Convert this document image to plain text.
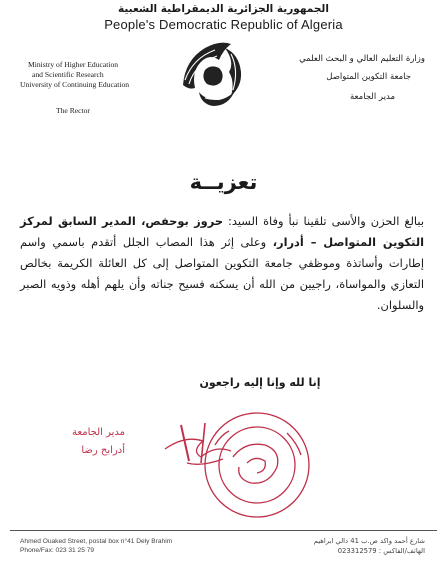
الجمهورية الجزائرية الديمقراطية الشعبية
People's Democratic Republic of Algeria
Ministry of Higher Education
and Scientific Research
University of Continuing Education
The Rector
وزارة التعليم العالي و البحث العلمي
جامعة التكوين المتواصل
مدير الجامعة
تعزيــة
ببالغ الحزن والأسى تلقينا نبأ وفاة السيد: حروز بوحفص، المدير السابق لمركز التكوين المتواصل – أدرار، وعلى إثر هذا المصاب الجلل أتقدم باسمي واسم إطارات وأساتذة وموظفي جامعة التكوين المتواصل إلى كل العائلة الكريمة بخالص التعازي والمواساة، راجيين من الله أن يسكنه فسيح جناته وأن يلهم أهله وذويه الصبر والسلوان.
إنا لله وإنا إليه راجعون
مدير الجامعة
أدرابح رضا
Ahmed Ouaked Street, postal box n°41 Dely Brahim
Phone/Fax: 023 31 25 79
شارع أحمد واكد ص.ب 41 دالي ابراهيم
الهاتف/الفاكس : 023312579
